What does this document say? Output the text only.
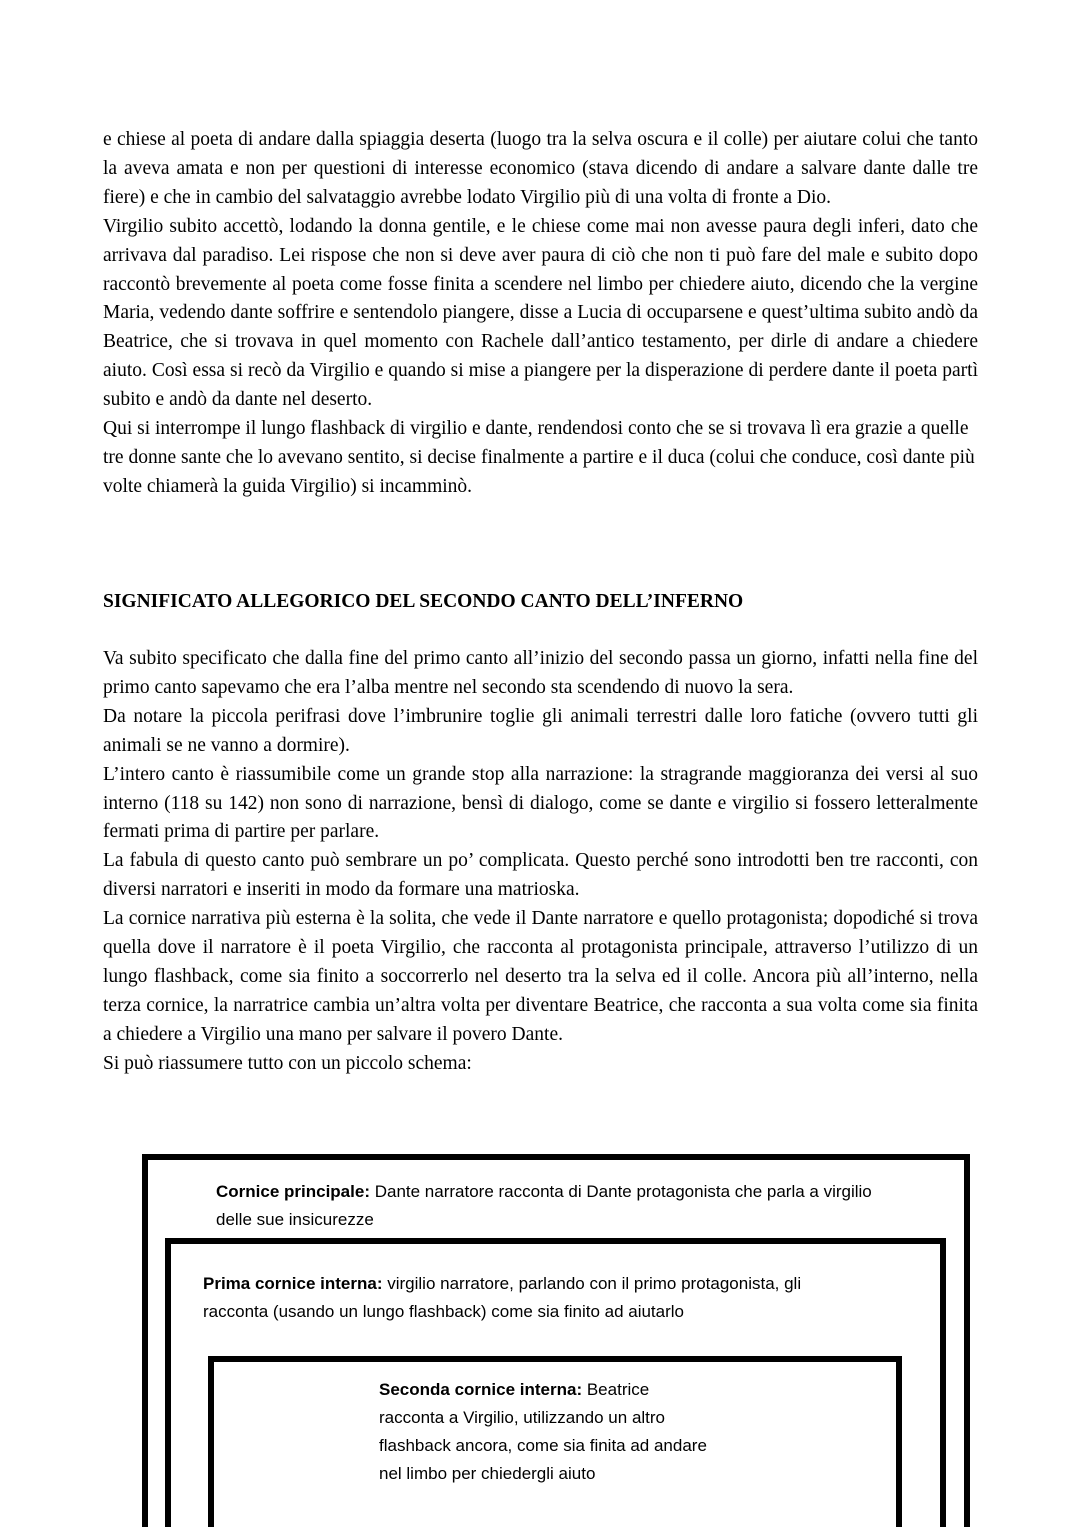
e chiese al poeta di andare dalla spiaggia deserta (luogo tra la selva oscura e il colle) per aiutare colui che tanto la aveva amata e non per questioni di interesse economico (stava dicendo di andare a salvare dante dalle tre fiere) e che in cambio del salvataggio avrebbe lodato Virgilio più di una volta di fronte a Dio.

Virgilio subito accettò, lodando la donna gentile, e le chiese come mai non avesse paura degli inferi, dato che arrivava dal paradiso. Lei rispose che non si deve aver paura di ciò che non ti può fare del male e subito dopo raccontò brevemente al poeta come fosse finita a scendere nel limbo per chiedere aiuto, dicendo che la vergine Maria, vedendo dante soffrire e sentendolo piangere, disse a Lucia di occuparsene e quest’ultima subito andò da Beatrice, che si trovava in quel momento con Rachele dall’antico testamento, per dirle di andare a chiedere aiuto. Così essa si recò da Virgilio e quando si mise a piangere per la disperazione di perdere dante il poeta partì subito e andò da dante nel deserto.

Qui si interrompe il lungo flashback di virgilio e dante, rendendosi conto che se si trovava lì era grazie a quelle tre donne sante che lo avevano sentito, si decise finalmente a partire e il duca (colui che conduce, così dante più volte chiamerà la guida Virgilio) si incamminò.

SIGNIFICATO ALLEGORICO DEL SECONDO CANTO DELL’INFERNO

Va subito specificato che dalla fine del primo canto all’inizio del secondo passa un giorno, infatti nella fine del primo canto sapevamo che era l’alba mentre nel secondo sta scendendo di nuovo la sera.

Da notare la piccola perifrasi dove l’imbrunire toglie gli animali terrestri dalle loro fatiche (ovvero tutti gli animali se ne vanno a dormire).

L’intero canto è riassumibile come un grande stop alla narrazione: la stragrande maggioranza dei versi al suo interno (118 su 142) non sono di narrazione, bensì di dialogo, come se dante e virgilio si fossero letteralmente fermati prima di partire per parlare.

La fabula di questo canto può sembrare un po’ complicata. Questo perché sono introdotti ben tre racconti, con diversi narratori e inseriti in modo da formare una matrioska.

La cornice narrativa più esterna è la solita, che vede il Dante narratore e quello protagonista; dopodiché si trova quella dove il narratore è il poeta Virgilio, che racconta al protagonista principale, attraverso l’utilizzo di un lungo flashback, come sia finito a soccorrerlo nel deserto tra la selva ed il colle. Ancora più all’interno, nella terza cornice, la narratrice cambia un’altra volta per diventare Beatrice, che racconta a sua volta come sia finita a chiedere a Virgilio una mano per salvare il povero Dante.

Si può riassumere tutto con un piccolo schema:

Cornice principale: Dante narratore racconta di Dante protagonista che parla a virgilio delle sue insicurezze
Prima cornice interna: virgilio narratore, parlando con il primo protagonista, gli racconta (usando un lungo flashback) come sia finito ad aiutarlo
Seconda cornice interna: Beatrice racconta a Virgilio, utilizzando un altro flashback ancora, come sia finita ad andare nel limbo per chiedergli aiuto
